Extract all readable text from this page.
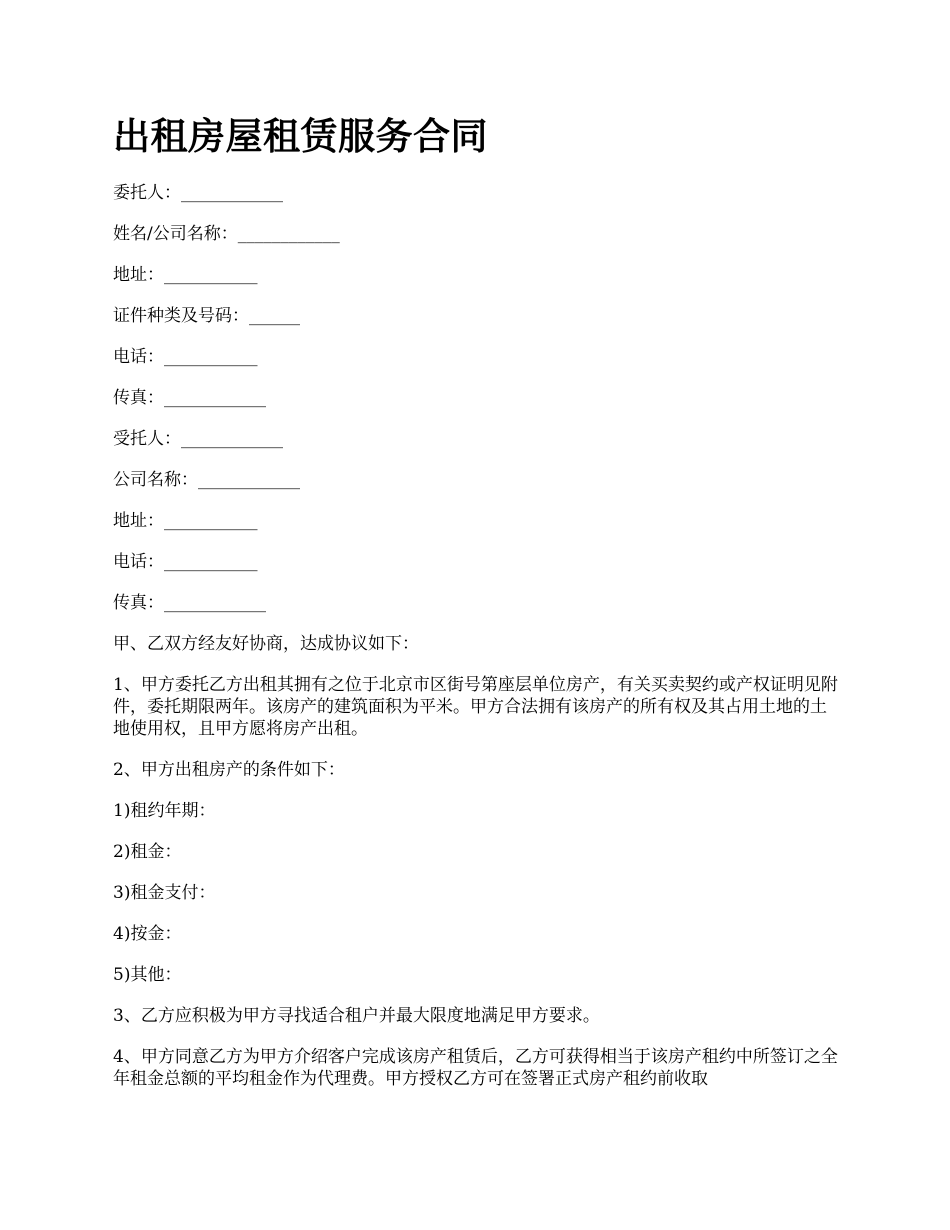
出租房屋租赁服务合同
委托人：____________
姓名/公司名称：____________
地址：___________
证件种类及号码：______
电话：___________
传真：____________
受托人：____________
公司名称：____________
地址：___________
电话：___________
传真：____________
甲、乙双方经友好协商，达成协议如下：
1、甲方委托乙方出租其拥有之位于北京市区街号第座层单位房产，有关买卖契约或产权证明见附件，委托期限两年。该房产的建筑面积为平米。甲方合法拥有该房产的所有权及其占用土地的土地使用权，且甲方愿将房产出租。
2、甲方出租房产的条件如下：
1)租约年期：
2)租金：
3)租金支付：
4)按金：
5)其他：
3、乙方应积极为甲方寻找适合租户并最大限度地满足甲方要求。
4、甲方同意乙方为甲方介绍客户完成该房产租赁后，乙方可获得相当于该房产租约中所签订之全年租金总额的平均租金作为代理费。甲方授权乙方可在签署正式房产租约前收取
